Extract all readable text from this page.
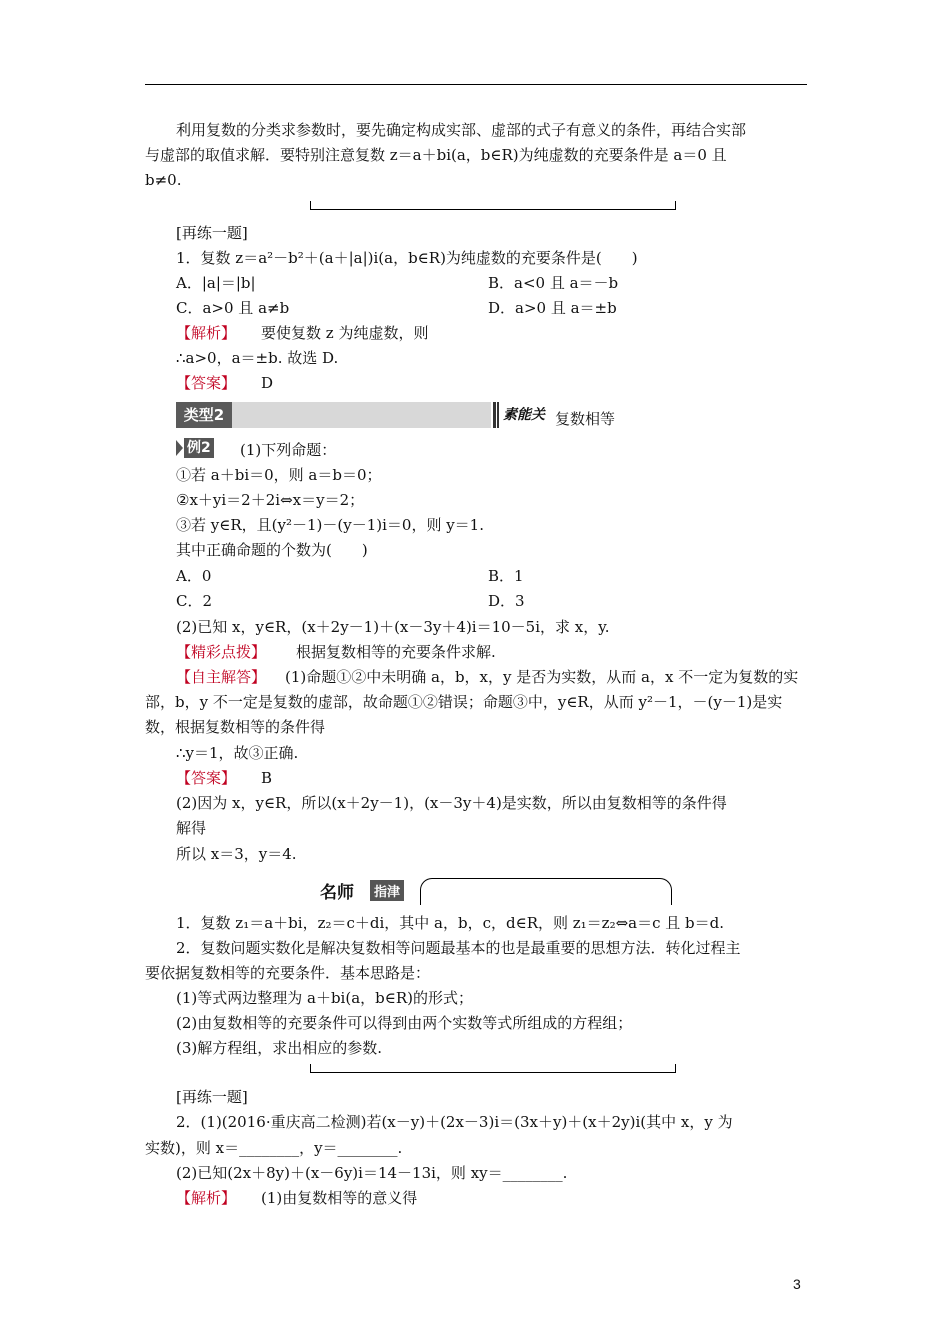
利用复数的分类求参数时，要先确定构成实部、虚部的式子有意义的条件，再结合实部
与虚部的取值求解．要特别注意复数 z＝a＋bi(a，b∈R)为纯虚数的充要条件是 a＝0 且
b≠0.
[再练一题]
1．复数 z＝a²－b²＋(a＋|a|)i(a，b∈R)为纯虚数的充要条件是(　　)
A．|a|＝|b|	B．a<0 且 a＝－b
C．a>0 且 a≠b	D．a>0 且 a＝±b
【解析】 要使复数 z 为纯虚数，则
∴a>0，a＝±b. 故选 D.
【答案】 D
类型2	素能关 复数相等
例2 (1)下列命题：
①若 a＋bi＝0，则 a＝b＝0；
②x＋yi＝2＋2i⇔x＝y＝2；
③若 y∈R，且(y²－1)－(y－1)i＝0，则 y＝1.
其中正确命题的个数为(　　)
A．0	B．1
C．2	D．3
(2)已知 x，y∈R，(x＋2y－1)＋(x－3y＋4)i＝10－5i，求 x，y.
【精彩点拨】 根据复数相等的充要条件求解.
【自主解答】 (1)命题①②中未明确 a，b，x，y 是否为实数，从而 a，x 不一定为复数的实
部，b，y 不一定是复数的虚部，故命题①②错误；命题③中，y∈R，从而 y²－1，－(y－1)是实
数，根据复数相等的条件得
∴y＝1，故③正确.
【答案】 B
(2)因为 x，y∈R，所以(x＋2y－1)，(x－3y＋4)是实数，所以由复数相等的条件得
解得
所以 x＝3，y＝4.
名师	指津
1．复数 z₁＝a＋bi，z₂＝c＋di，其中 a，b，c，d∈R，则 z₁＝z₂⇔a＝c 且 b＝d.
2．复数问题实数化是解决复数相等问题最基本的也是最重要的思想方法．转化过程主
要依据复数相等的充要条件．基本思路是：
(1)等式两边整理为 a＋bi(a，b∈R)的形式；
(2)由复数相等的充要条件可以得到由两个实数等式所组成的方程组；
(3)解方程组，求出相应的参数.
[再练一题]
2．(1)(2016·重庆高二检测)若(x－y)＋(2x－3)i＝(3x＋y)＋(x＋2y)i(其中 x，y 为
实数)，则 x＝________，y＝________.
(2)已知(2x＋8y)＋(x－6y)i＝14－13i，则 xy＝________.
【解析】 (1)由复数相等的意义得
3
